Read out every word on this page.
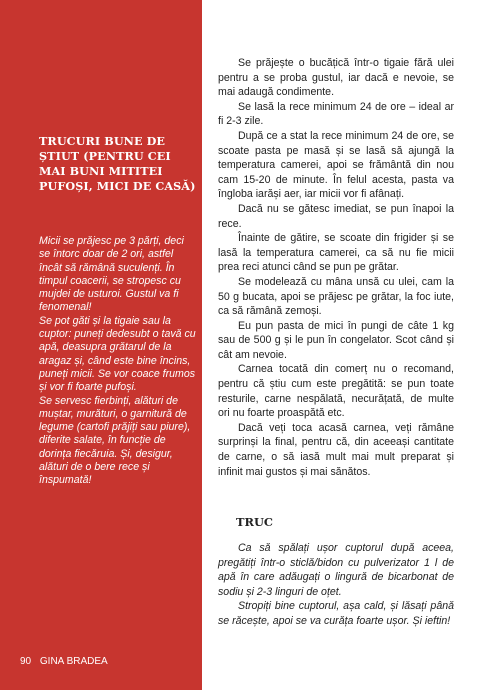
TRUCURI BUNE DE ȘTIUT (PENTRU CEI MAI BUNI MITITEI PUFOȘI, MICI DE CASĂ)

Micii se prăjesc pe 3 părți, deci se întorc doar de 2 ori, astfel încât să rămână suculenți. În timpul coacerii, se stropesc cu mujdei de usturoi. Gustul va fi fenomenal!

Se pot găti și la tigaie sau la cuptor: puneți dedesubt o tavă cu apă, deasupra grătarul de la aragaz și, când este bine încins, puneți micii. Se vor coace frumos și vor fi foarte pufoși.

Se servesc fierbinți, alături de muștar, murături, o garnitură de legume (cartofi prăjiți sau piure), diferite salate, în funcție de dorința fiecăruia. Și, desigur, alături de o bere rece și înspumată!

90 GINA BRADEA

Se prăjește o bucățică într-o tigaie fără ulei pentru a se proba gustul, iar dacă e nevoie, se mai adaugă condimente.

Se lasă la rece minimum 24 de ore – ideal ar fi 2-3 zile.

După ce a stat la rece minimum 24 de ore, se scoate pasta pe masă și se lasă să ajungă la temperatura camerei, apoi se frământă din nou cam 15-20 de minute. În felul acesta, pasta va îngloba iarăși aer, iar micii vor fi afânați.

Dacă nu se gătesc imediat, se pun înapoi la rece.

Înainte de gătire, se scoate din frigider și se lasă la temperatura camerei, ca să nu fie micii prea reci atunci când se pun pe grătar.

Se modelează cu mâna unsă cu ulei, cam la 50 g bucata, apoi se prăjesc pe grătar, la foc iute, ca să rămână zemoși.

Eu pun pasta de mici în pungi de câte 1 kg sau de 500 g și le pun în congelator. Scot când și cât am nevoie.

Carnea tocată din comerț nu o recomand, pentru că știu cum este pregătită: se pun toate resturile, carne nespălată, necurățată, de multe ori nu foarte proaspătă etc.

Dacă veți toca acasă carnea, veți rămâne surprinși la final, pentru că, din aceeași cantitate de carne, o să iasă mult mai mult preparat și infinit mai gustos și mai sănătos.

TRUC

Ca să spălați ușor cuptorul după aceea, pregătiți într-o sticlă/bidon cu pulverizator 1 l de apă în care adăugați o lingură de bicarbonat de sodiu și 2-3 linguri de oțet.

Stropiți bine cuptorul, așa cald, și lăsați până se răcește, apoi se va curăța foarte ușor. Și ieftin!
